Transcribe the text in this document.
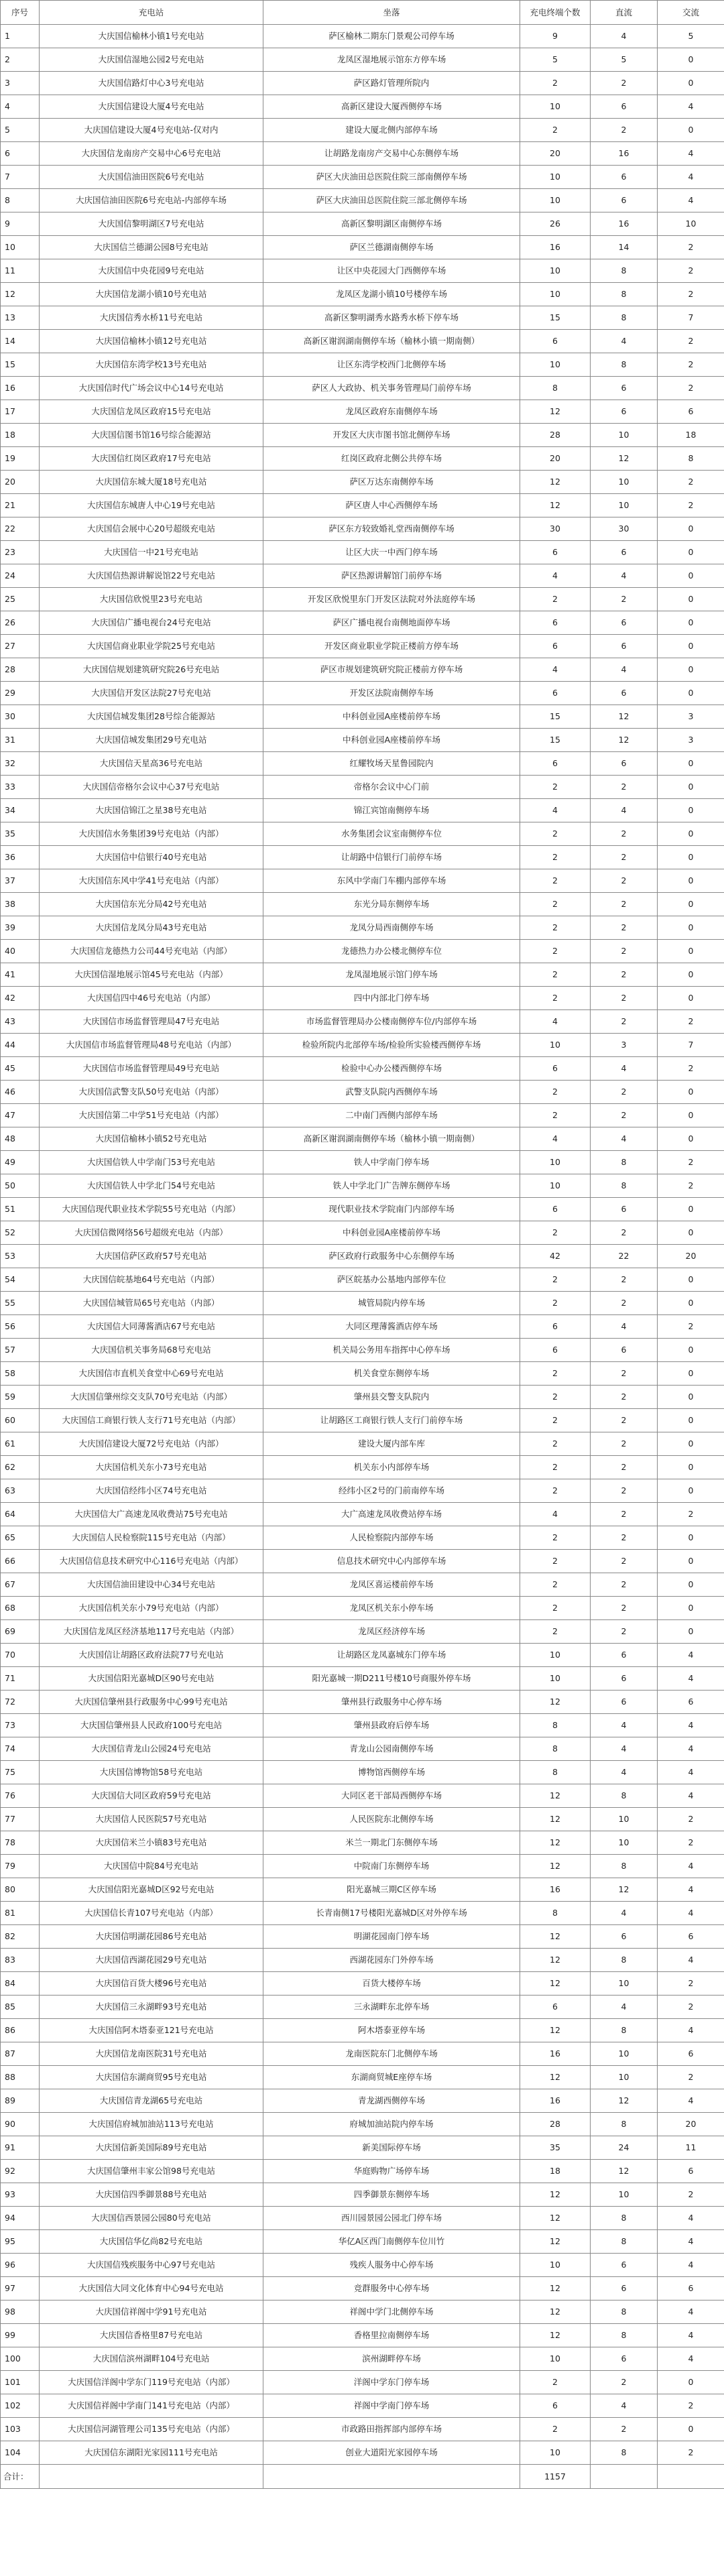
序号	充电站	坐落	充电终端个数	直流	交流
1	大庆国信榆林小镇1号充电站	萨区榆林二期东门景观公司停车场	9	4	5
2	大庆国信湿地公园2号充电站	龙凤区湿地展示馆东方停车场	5	5	0
3	大庆国信路灯中心3号充电站	萨区路灯管理所院内	2	2	0
4	大庆国信建设大厦4号充电站	高新区建设大厦西侧停车场	10	6	4
5	大庆国信建设大厦4号充电站-仅对内	建设大厦北侧内部停车场	2	2	0
6	大庆国信龙南房产交易中心6号充电站	让胡路龙南房产交易中心东侧停车场	20	16	4
7	大庆国信油田医院6号充电站	萨区大庆油田总医院住院三部南侧停车场	10	6	4
8	大庆国信油田医院6号充电站-内部停车场	萨区大庆油田总医院住院三部北侧停车场	10	6	4
9	大庆国信黎明湖区7号充电站	高新区黎明湖区南侧停车场	26	16	10
10	大庆国信兰德湖公园8号充电站	萨区兰德湖南侧停车场	16	14	2
11	大庆国信中央花园9号充电站	让区中央花园大门西侧停车场	10	8	2
12	大庆国信龙湖小镇10号充电站	龙凤区龙湖小镇10号楼停车场	10	8	2
13	大庆国信秀水桥11号充电站	高新区黎明湖秀水路秀水桥下停车场	15	8	7
14	大庆国信榆林小镇12号充电站	高新区谢润湖南侧停车场（榆林小镇一期南侧）	6	4	2
15	大庆国信东湾学校13号充电站	让区东湾学校西门北侧停车场	10	8	2
16	大庆国信时代广场会议中心14号充电站	萨区人大政协、机关事务管理局门前停车场	8	6	2
17	大庆国信龙凤区政府15号充电站	龙凤区政府东南侧停车场	12	6	6
18	大庆国信图书馆16号综合能源站	开发区大庆市图书馆北侧停车场	28	10	18
19	大庆国信红岗区政府17号充电站	红岗区政府北侧公共停车场	20	12	8
20	大庆国信东城大厦18号充电站	萨区万达东南侧停车场	12	10	2
21	大庆国信东城唐人中心19号充电站	萨区唐人中心西侧停车场	12	10	2
22	大庆国信会展中心20号超级充电站	萨区东方较致婚礼堂西南侧停车场	30	30	0
23	大庆国信一中21号充电站	让区大庆一中西门停车场	6	6	0
24	大庆国信热源讲解说馆22号充电站	萨区热源讲解馆门前停车场	4	4	0
25	大庆国信欣悦里23号充电站	开发区欣悦里东门开发区法院对外法庭停车场	2	2	0
26	大庆国信广播电视台24号充电站	萨区广播电视台南侧地面停车场	6	6	0
27	大庆国信商业职业学院25号充电站	开发区商业职业学院正楼前方停车场	6	6	0
28	大庆国信规划建筑研究院26号充电站	萨区市规划建筑研究院正楼前方停车场	4	4	0
29	大庆国信开发区法院27号充电站	开发区法院南侧停车场	6	6	0
30	大庆国信城发集团28号综合能源站	中科创业园A座楼前停车场	15	12	3
31	大庆国信城发集团29号充电站	中科创业园A座楼前停车场	15	12	3
32	大庆国信天星高36号充电站	红耀牧场天星鲁园院内	6	6	0
33	大庆国信帝格尔会议中心37号充电站	帝格尔会议中心门前	2	2	0
34	大庆国信锦江之星38号充电站	锦江宾馆南侧停车场	4	4	0
35	大庆国信水务集团39号充电站（内部）	水务集团会议室南侧停车位	2	2	0
36	大庆国信中信银行40号充电站	让胡路中信银行门前停车场	2	2	0
37	大庆国信东风中学41号充电站（内部）	东风中学南门车棚内部停车场	2	2	0
38	大庆国信东光分局42号充电站	东光分局东侧停车场	2	2	0
39	大庆国信龙凤分局43号充电站	龙凤分局西南侧停车场	2	2	0
40	大庆国信龙德热力公司44号充电站（内部）	龙德热力办公楼北侧停车位	2	2	0
41	大庆国信湿地展示馆45号充电站（内部）	龙凤湿地展示馆门停车场	2	2	0
42	大庆国信四中46号充电站（内部）	四中内部北门停车场	2	2	0
43	大庆国信市场监督管理局47号充电站	市场监督管理局办公楼南侧停车位/内部停车场	4	2	2
44	大庆国信市场监督管理局48号充电站（内部）	检验所院内北部停车场/检验所实验楼西侧停车场	10	3	7
45	大庆国信市场监督管理局49号充电站	检验中心办公楼西侧停车场	6	4	2
46	大庆国信武警支队50号充电站（内部）	武警支队院内西侧停车场	2	2	0
47	大庆国信第二中学51号充电站（内部）	二中南门西侧内部停车场	2	2	0
48	大庆国信榆林小镇52号充电站	高新区谢润湖南侧停车场（榆林小镇一期南侧）	4	4	0
49	大庆国信铁人中学南门53号充电站	铁人中学南门停车场	10	8	2
50	大庆国信铁人中学北门54号充电站	铁人中学北门广告牌东侧停车场	10	8	2
51	大庆国信现代职业技术学院55号充电站（内部）	现代职业技术学院南门内部停车场	6	6	0
52	大庆国信微网络56号超级充电站（内部）	中科创业园A座楼前停车场	2	2	0
53	大庆国信萨区政府57号充电站	萨区政府行政服务中心东侧停车场	42	22	20
54	大庆国信皖基地64号充电站（内部）	萨区皖基办公基地内部停车位	2	2	0
55	大庆国信城管局65号充电站（内部）	城管局院内停车场	2	2	0
56	大庆国信大同薄酱酒店67号充电站	大同区理薄酱酒店停车场	6	4	2
57	大庆国信机关事务局68号充电站	机关局公务用车指挥中心停车场	6	6	0
58	大庆国信市直机关食堂中心69号充电站	机关食堂东侧停车场	2	2	0
59	大庆国信肇州综交支队70号充电站（内部）	肇州县交警支队院内	2	2	0
60	大庆国信工商银行铁人支行71号充电站（内部）	让胡路区工商银行铁人支行门前停车场	2	2	0
61	大庆国信建设大厦72号充电站（内部）	建设大厦内部车库	2	2	0
62	大庆国信机关东小73号充电站	机关东小内部停车场	2	2	0
63	大庆国信经纬小区74号充电站	经纬小区2号的门前南停车场	2	2	0
64	大庆国信大广高速龙凤收费站75号充电站	大广高速龙凤收费站停车场	4	2	2
65	大庆国信人民检察院115号充电站（内部）	人民检察院内部停车场	2	2	0
66	大庆国信信息技术研究中心116号充电站（内部）	信息技术研究中心内部停车场	2	2	0
67	大庆国信油田建设中心34号充电站	龙凤区喜运楼前停车场	2	2	0
68	大庆国信机关东小79号充电站（内部）	龙凤区机关东小停车场	2	2	0
69	大庆国信龙凤区经济基地117号充电站（内部）	龙凤区经济停车场	2	2	0
70	大庆国信让胡路区政府法院77号充电站	让胡路区龙凤嘉城东门停车场	10	6	4
71	大庆国信阳光嘉城D区90号充电站	阳光嘉城一期D211号楼10号商服外停车场	10	6	4
72	大庆国信肇州县行政服务中心99号充电站	肇州县行政服务中心停车场	12	6	6
73	大庆国信肇州县人民政府100号充电站	肇州县政府后停车场	8	4	4
74	大庆国信青龙山公园24号充电站	青龙山公园南侧停车场	8	4	4
75	大庆国信博物馆58号充电站	博物馆西侧停车场	8	4	4
76	大庆国信大同区政府59号充电站	大同区老干部局西侧停车场	12	8	4
77	大庆国信人民医院57号充电站	人民医院东北侧停车场	12	10	2
78	大庆国信米兰小镇83号充电站	米兰一期北门东侧停车场	12	10	2
79	大庆国信中院84号充电站	中院南门东侧停车场	12	8	4
80	大庆国信阳光嘉城D区92号充电站	阳光嘉城三期C区停车场	16	12	4
81	大庆国信长青107号充电站（内部）	长青南侧17号楼阳光嘉城D区对外停车场	8	4	4
82	大庆国信明湖花园86号充电站	明湖花园南门停车场	12	6	6
83	大庆国信西湖花园29号充电站	西湖花园东门外停车场	12	8	4
84	大庆国信百货大楼96号充电站	百货大楼停车场	12	10	2
85	大庆国信三永湖畔93号充电站	三永湖畔东北停车场	6	4	2
86	大庆国信阿木塔泰亚121号充电站	阿木塔泰亚停车场	12	8	4
87	大庆国信龙南医院31号充电站	龙南医院东门北侧停车场	16	10	6
88	大庆国信东湖商贸95号充电站	东湖商贸城E座停车场	12	10	2
89	大庆国信青龙湖65号充电站	青龙湖西侧停车场	16	12	4
90	大庆国信府城加油站113号充电站	府城加油站院内停车场	28	8	20
91	大庆国信新美国际89号充电站	新美国际停车场	35	24	11
92	大庆国信肇州丰家公馆98号充电站	华庭购物广场停车场	18	12	6
93	大庆国信四季御景88号充电站	四季御景东侧停车场	12	10	2
94	大庆国信西景园公园80号充电站	西川园景园公园北门停车场	12	8	4
95	大庆国信华亿尚82号充电站	华亿A区西门南侧停车位川竹	12	8	4
96	大庆国信残疾服务中心97号充电站	残疾人服务中心停车场	10	6	4
97	大庆国信大同文化体育中心94号充电站	竞群服务中心停车场	12	6	6
98	大庆国信祥阁中学91号充电站	祥阁中学门北侧停车场	12	8	4
99	大庆国信香格里87号充电站	香格里拉南侧停车场	12	8	4
100	大庆国信滨州湖畔104号充电站	滨州湖畔停车场	10	6	4
101	大庆国信洋阁中学东门119号充电站（内部）	洋阁中学东门停车场	2	2	0
102	大庆国信祥阁中学南门141号充电站（内部）	祥阁中学南门停车场	6	4	2
103	大庆国信河湖管理公司135号充电站（内部）	市政路田指挥部内部停车场	2	2	0
104	大庆国信东湖阳光家园111号充电站	创业大道阳光家园停车场	10	8	2
合计：			1157		
